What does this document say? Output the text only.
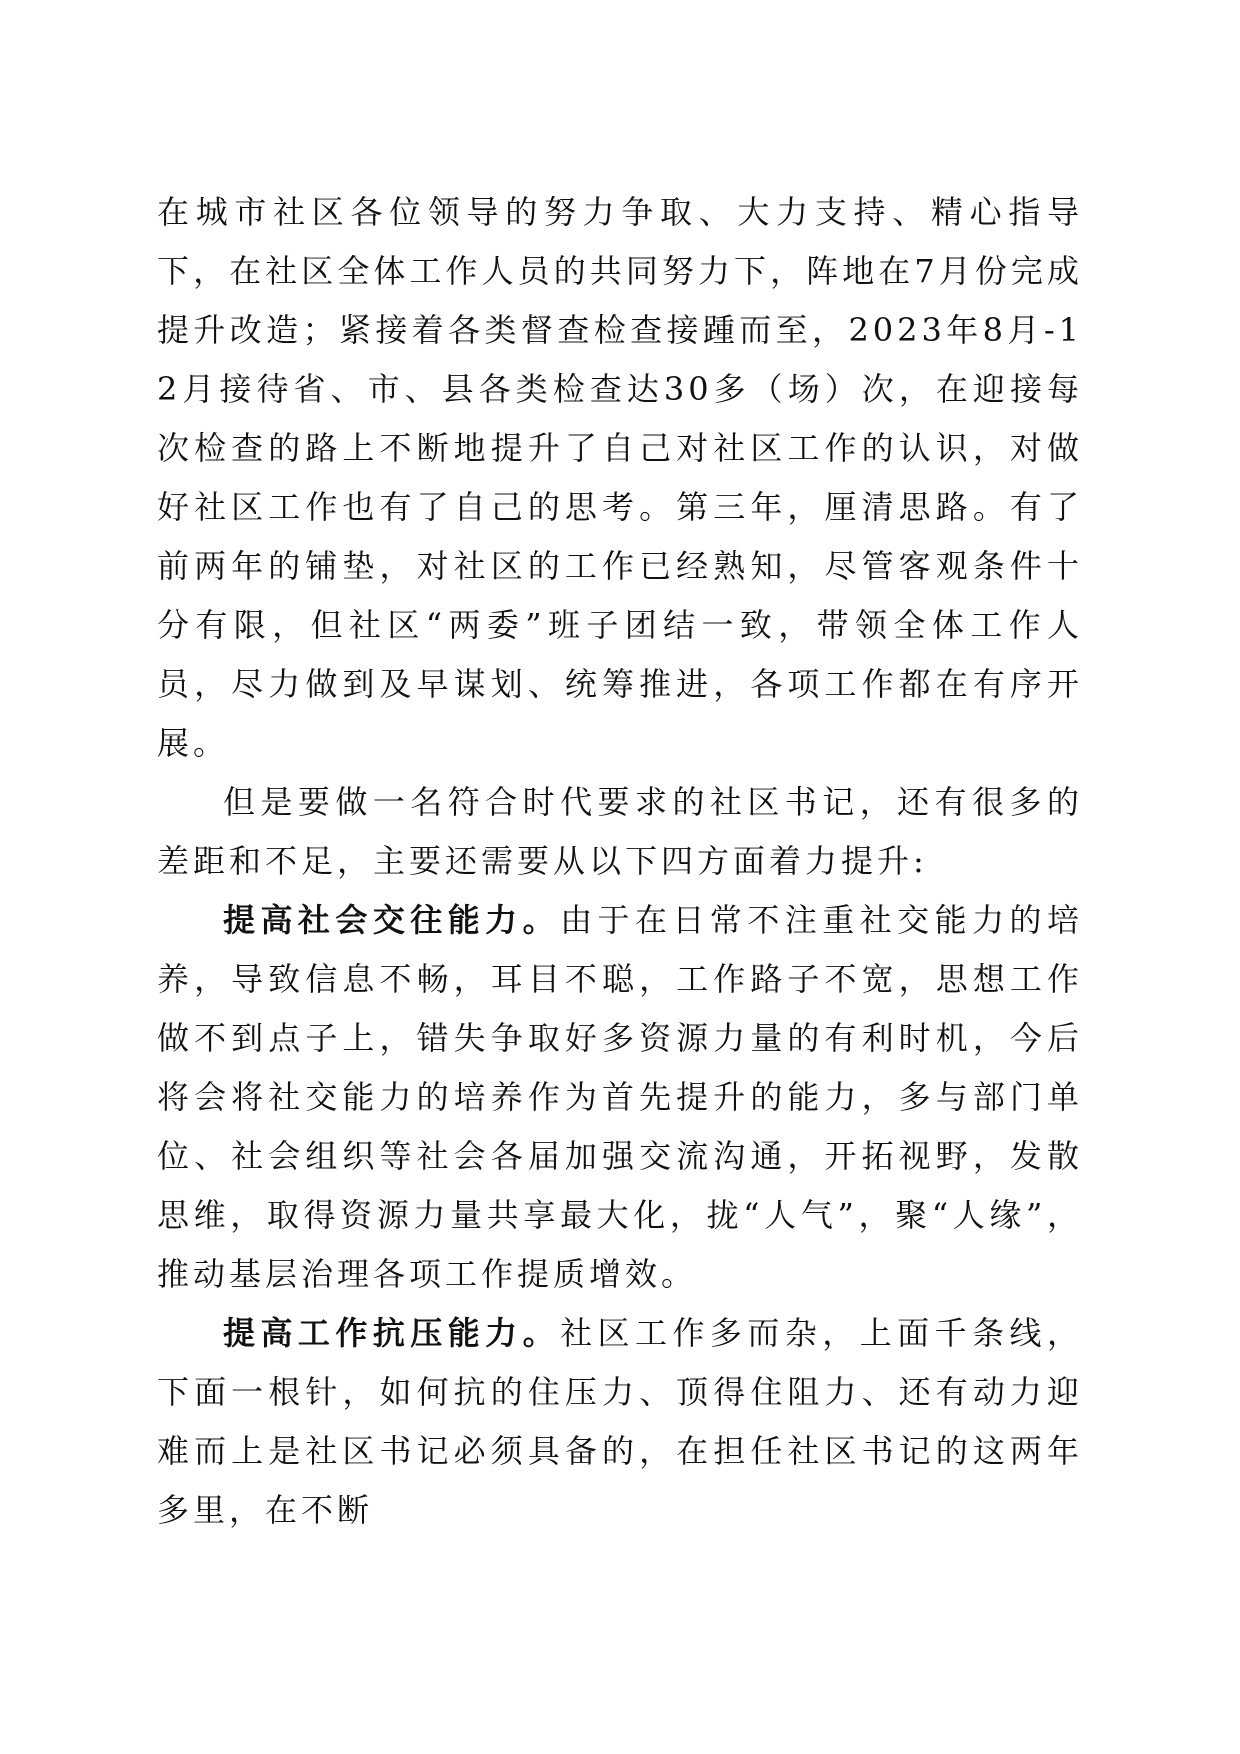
在城市社区各位领导的努力争取、大力支持、精心指导下，在社区全体工作人员的共同努力下，阵地在7月份完成提升改造；紧接着各类督查检查接踵而至，2023年8月-12月接待省、市、县各类检查达30多（场）次，在迎接每次检查的路上不断地提升了自己对社区工作的认识，对做好社区工作也有了自己的思考。第三年，厘清思路。有了前两年的铺垫，对社区的工作已经熟知，尽管客观条件十分有限，但社区“两委”班子团结一致，带领全体工作人员，尽力做到及早谋划、统筹推进，各项工作都在有序开展。

但是要做一名符合时代要求的社区书记，还有很多的差距和不足，主要还需要从以下四方面着力提升:

提高社会交往能力。由于在日常不注重社交能力的培养，导致信息不畅，耳目不聪，工作路子不宽，思想工作做不到点子上，错失争取好多资源力量的有利时机，今后将会将社交能力的培养作为首先提升的能力，多与部门单位、社会组织等社会各届加强交流沟通，开拓视野，发散思维，取得资源力量共享最大化，拢“人气”，聚“人缘”，推动基层治理各项工作提质增效。

提高工作抗压能力。社区工作多而杂，上面千条线，下面一根针，如何抗的住压力、顶得住阻力、还有动力迎难而上是社区书记必须具备的，在担任社区书记的这两年多里，在不断
